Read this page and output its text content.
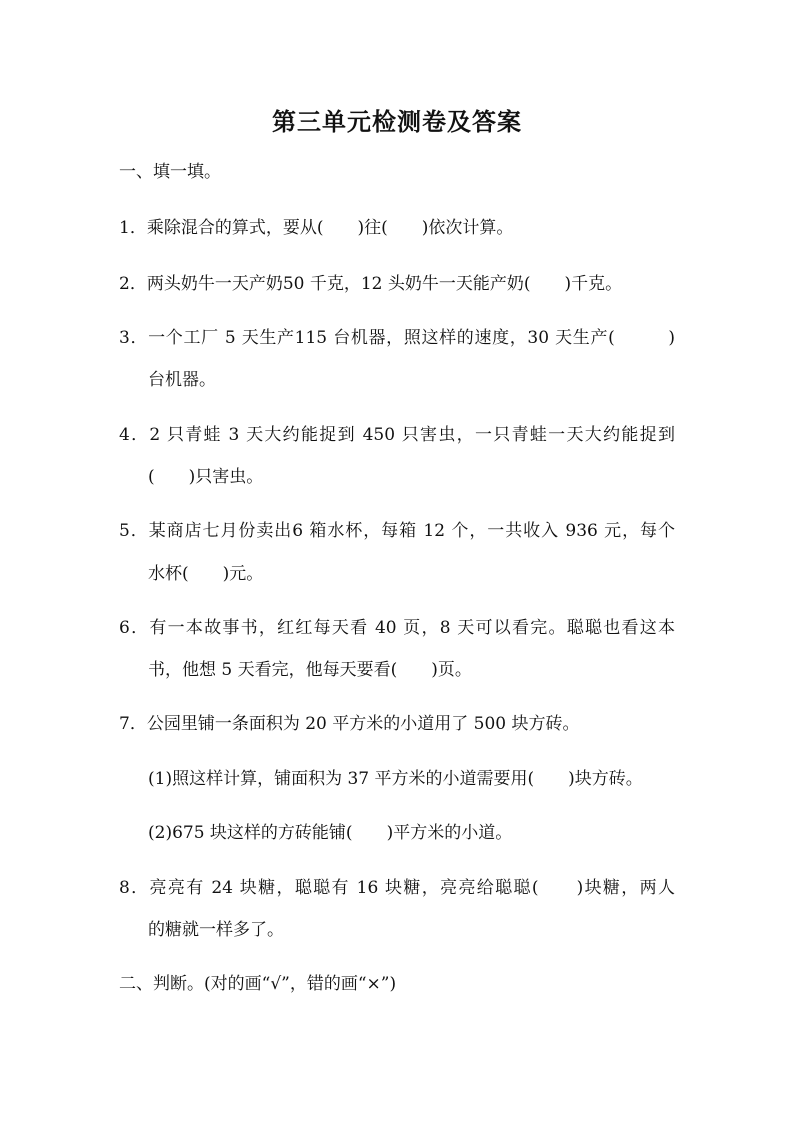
第三单元检测卷及答案
一、填一填。
1．乘除混合的算式，要从(　　)往(　　)依次计算。
2．两头奶牛一天产奶50 千克，12 头奶牛一天能产奶(　　)千克。
3．一个工厂 5 天生产115 台机器，照这样的速度，30 天生产(　　　)
台机器。
4．2 只青蛙 3 天大约能捉到 450 只害虫，一只青蛙一天大约能捉到
(　　)只害虫。
5．某商店七月份卖出6 箱水杯，每箱 12 个，一共收入 936 元，每个
水杯(　　)元。
6．有一本故事书，红红每天看 40 页，8 天可以看完。聪聪也看这本
书，他想 5 天看完，他每天要看(　　)页。
7．公园里铺一条面积为 20 平方米的小道用了 500 块方砖。
(1)照这样计算，铺面积为 37 平方米的小道需要用(　　)块方砖。
(2)675 块这样的方砖能铺(　　)平方米的小道。
8．亮亮有 24 块糖，聪聪有 16 块糖，亮亮给聪聪(　　)块糖，两人
的糖就一样多了。
二、判断。(对的画“√”，错的画“×”)
